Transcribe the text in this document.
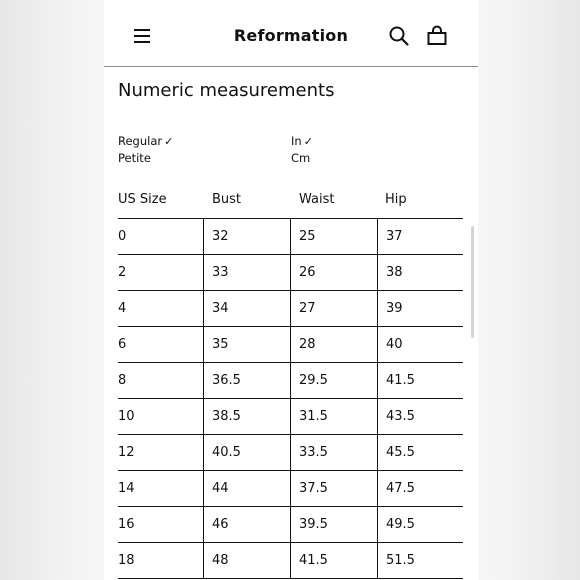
Reformation
Numeric measurements
Regular ✓
Petite
In ✓
Cm
US Size	Bust	Waist	Hip
0	32	25	37
2	33	26	38
4	34	27	39
6	35	28	40
8	36.5	29.5	41.5
10	38.5	31.5	43.5
12	40.5	33.5	45.5
14	44	37.5	47.5
16	46	39.5	49.5
18	48	41.5	51.5
